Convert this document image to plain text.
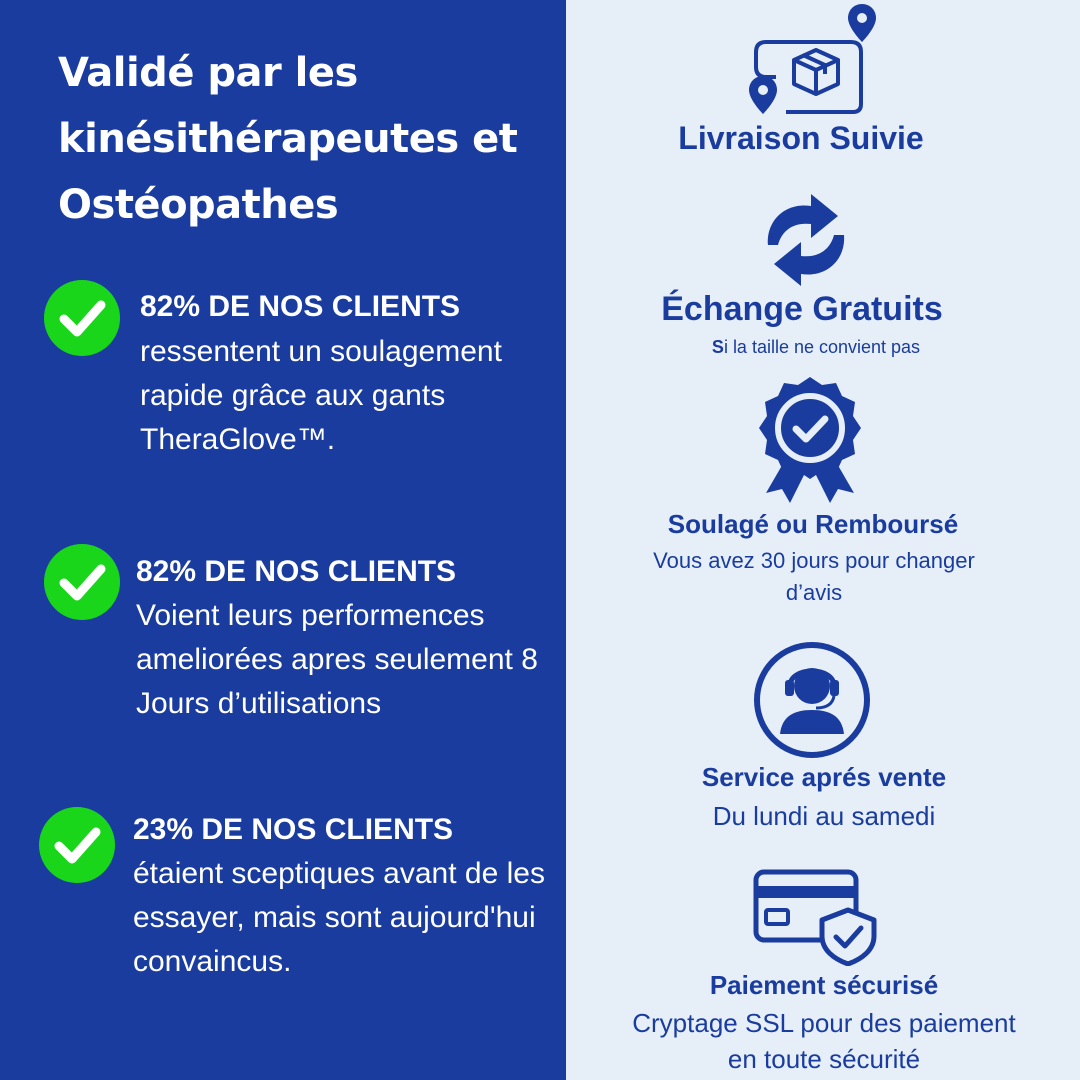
Validé par les kinésithérapeutes et Ostéopathes
82% DE NOS CLIENTS
ressentent un soulagement rapide grâce aux gants TheraGlove™.
82% DE NOS CLIENTS
Voient leurs performences ameliorées apres seulement 8 Jours d’utilisations
23% DE NOS CLIENTS
étaient sceptiques avant de les essayer, mais sont aujourd'hui convaincus.
Livraison Suivie
Échange Gratuits
Si la taille ne convient pas
Soulagé ou Remboursé
Vous avez 30 jours pour changer d’avis
Service aprés vente
Du lundi au samedi
Paiement sécurisé
Cryptage SSL pour des paiement en toute sécurité
